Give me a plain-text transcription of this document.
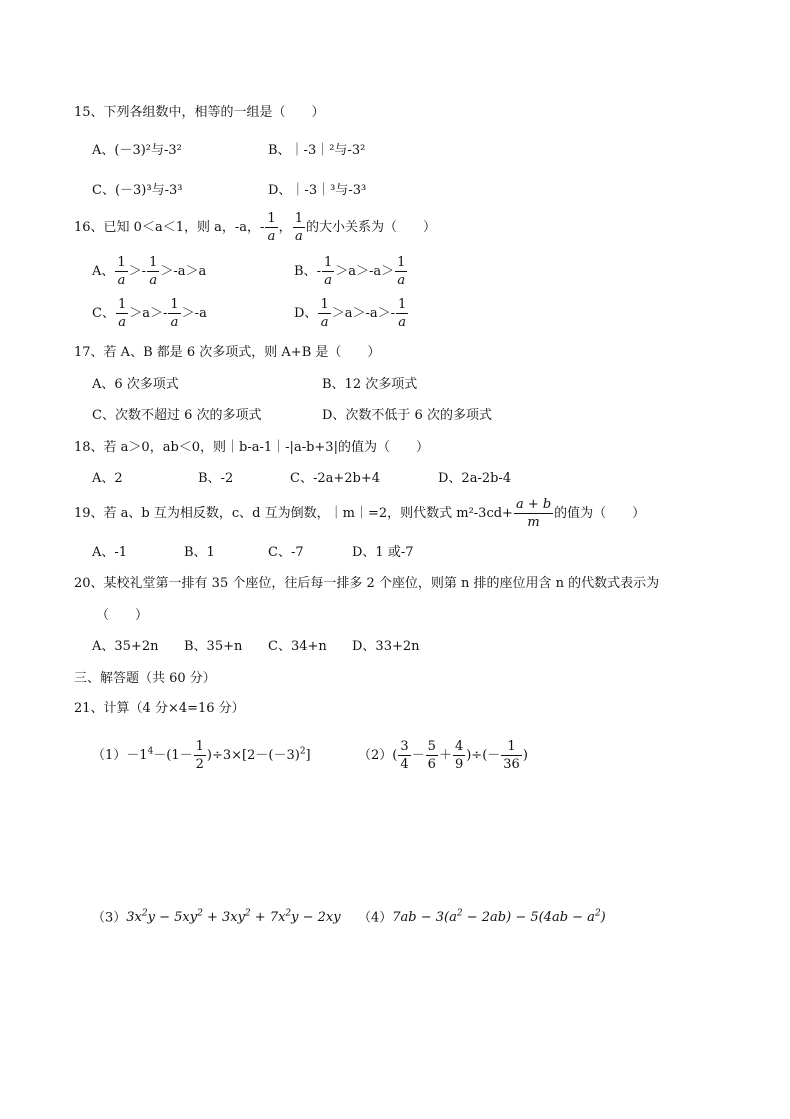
15、下列各组数中，相等的一组是（　　）
A、(－3)²与-3²	B、｜-3｜²与-3²
C、(－3)³与-3³	D、｜-3｜³与-3³
16、已知 0＜a＜1，则 a，-a，- $\frac{1}{a}$ ， $\frac{1}{a}$ 的大小关系为（　　）
A、 $\frac{1}{a} >- \frac{1}{a} >-a>a$	B、- $\frac{1}{a} >a>-a> \frac{1}{a}$
C、 $\frac{1}{a} >a>- \frac{1}{a} >-a$	D、 $\frac{1}{a} >a>-a>- \frac{1}{a}$
17、若 A、B 都是 6 次多项式，则 A+B 是（　　）
A、6 次多项式	B、12 次多项式
C、次数不超过 6 次的多项式	D、次数不低于 6 次的多项式
18、若 a＞0，ab＜0，则｜b-a-1｜-|a-b+3|的值为（　　）
A、2	B、-2	C、-2a+2b+4	D、2a-2b-4
19、若 a、b 互为相反数，c、d 互为倒数，｜m｜=2，则代数式 $m^2-3cd+ \frac{a + b}{m}$ 的值为（　　）
A、-1	B、1	C、-7	D、1 或-7
20、某校礼堂第一排有 35 个座位，往后每一排多 2 个座位，则第 n 排的座位用含 n 的代数式表示为
（　　）
A、35+2n B、35+n C、34+n D、33+2n
三、解答题（共 60 分）
21、计算（4 分×4=16 分）
$(1)-1^4-(1- \frac{1}{2} )\div 3\times[2-(-3)^2]$	$(2)( \frac{3}{4} - \frac{5}{6} + \frac{4}{9}$ )÷(－ $\frac{1}{36}$ )
$(3)3x^2y - 5xy^2 + 3xy^2 + 7x^2y - 2xy$ $(4)7ab - 3(a^2 - 2ab) - 5(4ab - a^2)$
